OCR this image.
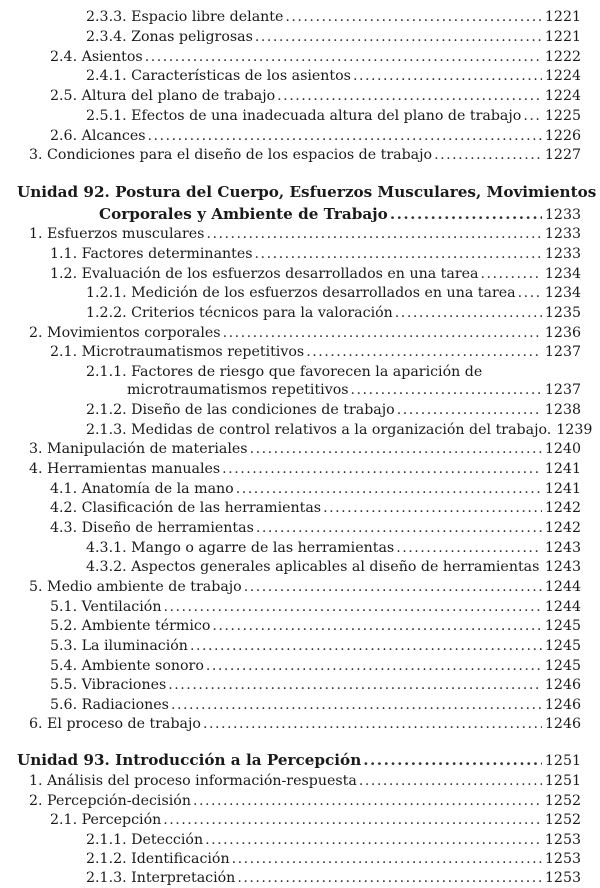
2.3.3. Espacio libre delante .....	1221
2.3.4. Zonas peligrosas .....	1221
2.4. Asientos .....	1222
2.4.1. Características de los asientos .....	1224
2.5. Altura del plano de trabajo .....	1224
2.5.1. Efectos de una inadecuada altura del plano de trabajo ..... 1225
2.6. Alcances .....	1226
3. Condiciones para el diseño de los espacios de trabajo .....	1227
Unidad 92. Postura del Cuerpo, Esfuerzos Musculares, Movimientos
Corporales y Ambiente de Trabajo .....	1233
1. Esfuerzos musculares .....	1233
1.1. Factores determinantes .....	1233
1.2. Evaluación de los esfuerzos desarrollados en una tarea .....	1234
1.2.1. Medición de los esfuerzos desarrollados en una tarea ..... 1234
1.2.2. Criterios técnicos para la valoración .....	1235
2. Movimientos corporales .....	1236
2.1. Microtraumatismos repetitivos .....	1237
2.1.1. Factores de riesgo que favorecen la aparición de
microtraumatismos repetitivos .....	1237
2.1.2. Diseño de las condiciones de trabajo .....	1238
2.1.3. Medidas de control relativos a la organización del trabajo. 1239
3. Manipulación de materiales .....	1240
4. Herramientas manuales .....	1241
4.1. Anatomía de la mano .....	1241
4.2. Clasificación de las herramientas .....	1242
4.3. Diseño de herramientas .....	1242
4.3.1. Mango o agarre de las herramientas .....	1243
4.3.2. Aspectos generales aplicables al diseño de herramientas ..... 1243
5. Medio ambiente de trabajo .....	1244
5.1. Ventilación .....	1244
5.2. Ambiente térmico .....	1245
5.3. La iluminación .....	1245
5.4. Ambiente sonoro .....	1245
5.5. Vibraciones .....	1246
5.6. Radiaciones .....	1246
6. El proceso de trabajo .....	1246
Unidad 93. Introducción a la Percepción .....	1251
1. Análisis del proceso información-respuesta .....	1251
2. Percepción-decisión .....	1252
2.1. Percepción .....	1252
2.1.1. Detección .....	1253
2.1.2. Identificación .....	1253
2.1.3. Interpretación .....	1253
